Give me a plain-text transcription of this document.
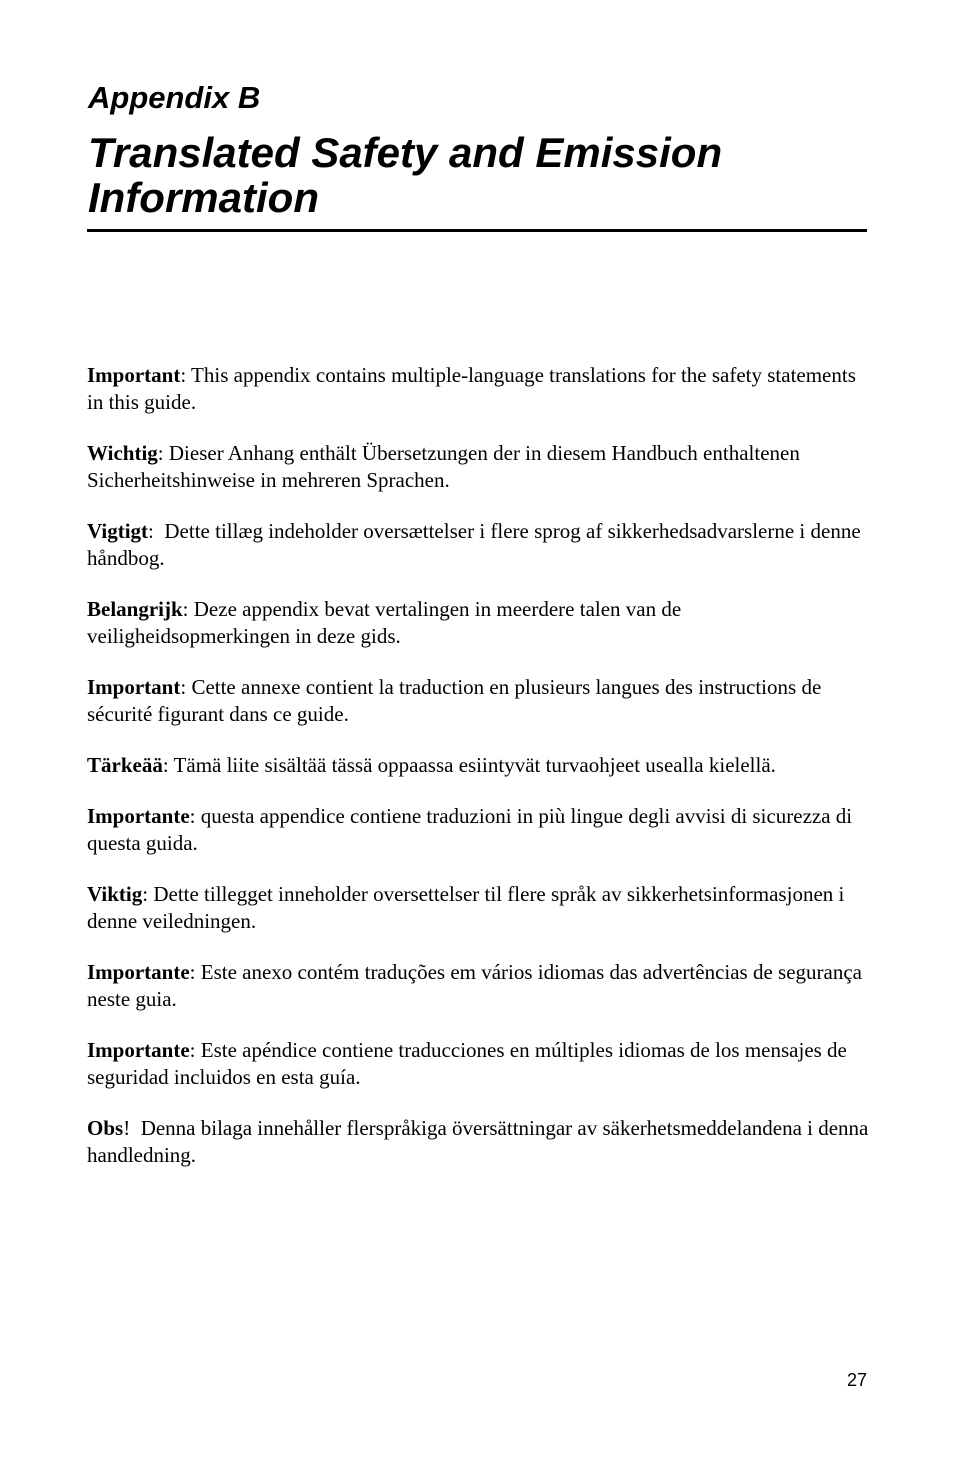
Appendix B
Translated Safety and Emission Information

Important: This appendix contains multiple-language translations for the safety statements in this guide.

Wichtig: Dieser Anhang enthält Übersetzungen der in diesem Handbuch enthaltenen Sicherheitshinweise in mehreren Sprachen.

Vigtigt:  Dette tillæg indeholder oversættelser i flere sprog af sikkerhedsadvarslerne i denne håndbog.

Belangrijk: Deze appendix bevat vertalingen in meerdere talen van de veiligheidsopmerkingen in deze gids.

Important: Cette annexe contient la traduction en plusieurs langues des instructions de sécurité figurant dans ce guide.

Tärkeää: Tämä liite sisältää tässä oppaassa esiintyvät turvaohjeet usealla kielellä.

Importante: questa appendice contiene traduzioni in più lingue degli avvisi di sicurezza di questa guida.

Viktig: Dette tillegget inneholder oversettelser til flere språk av sikkerhetsinformasjonen i denne veiledningen.

Importante: Este anexo contém traduções em vários idiomas das advertências de segurança neste guia.

Importante: Este apéndice contiene traducciones en múltiples idiomas de los mensajes de seguridad incluidos en esta guía.

Obs!  Denna bilaga innehåller flerspråkiga översättningar av säkerhetsmeddelandena i denna handledning.

27
